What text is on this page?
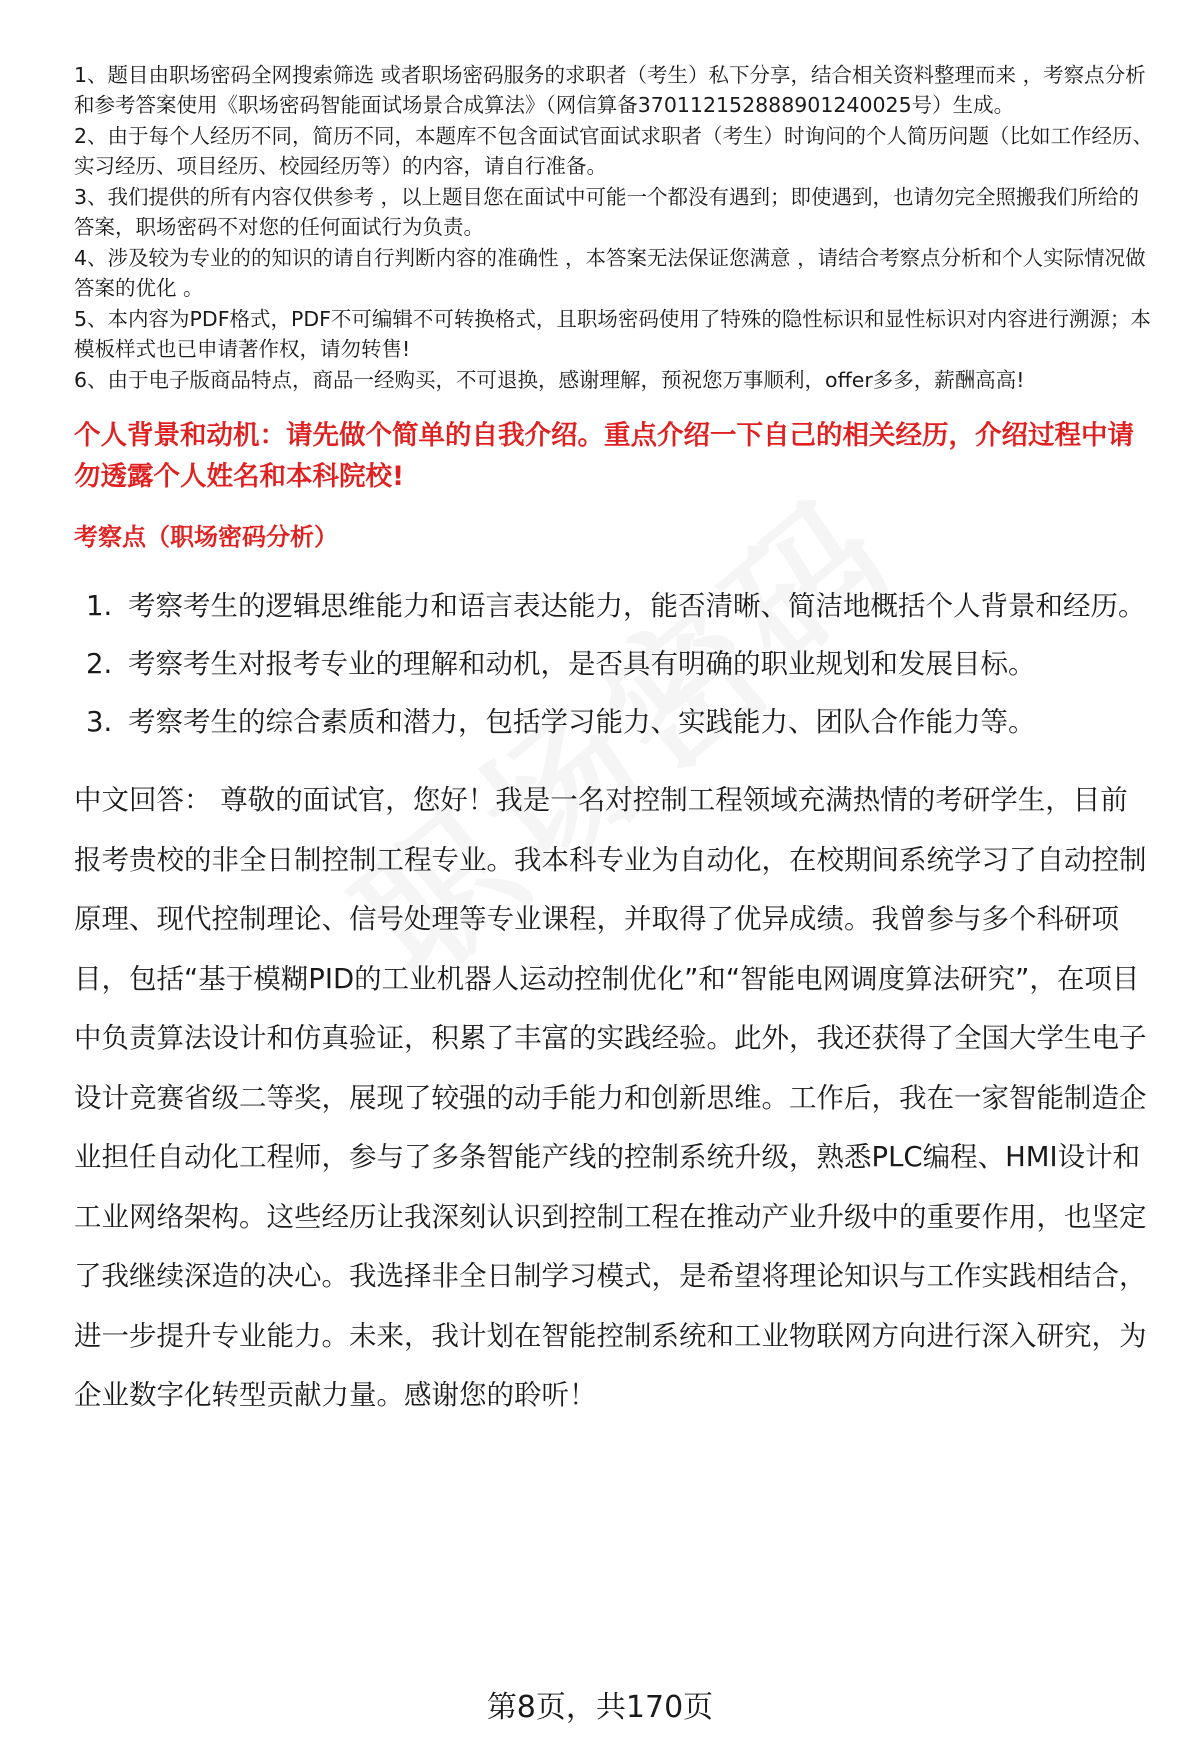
1、题目由职场密码全网搜索筛选 或者职场密码服务的求职者（考生）私下分享，结合相关资料整理而来 ，考察点分析和参考答案使用《职场密码智能面试场景合成算法》（网信算备370112152888901240025号）生成。
2、由于每个人经历不同，简历不同，本题库不包含面试官面试求职者（考生）时询问的个人简历问题（比如工作经历、实习经历、项目经历、校园经历等）的内容，请自行准备。
3、我们提供的所有内容仅供参考 ，以上题目您在面试中可能一个都没有遇到；即使遇到，也请勿完全照搬我们所给的答案，职场密码不对您的任何面试行为负责。
4、涉及较为专业的的知识的请自行判断内容的准确性 ，本答案无法保证您满意 ，请结合考察点分析和个人实际情况做答案的优化 。
5、本内容为PDF格式，PDF不可编辑不可转换格式，且职场密码使用了特殊的隐性标识和显性标识对内容进行溯源；本模板样式也已申请著作权，请勿转售!
6、由于电子版商品特点，商品一经购买，不可退换，感谢理解，预祝您万事顺利，offer多多，薪酬高高!
个人背景和动机：请先做个简单的自我介绍。重点介绍一下自己的相关经历，介绍过程中请勿透露个人姓名和本科院校!
考察点（职场密码分析）
1. 考察考生的逻辑思维能力和语言表达能力，能否清晰、简洁地概括个人背景和经历。
2. 考察考生对报考专业的理解和动机，是否具有明确的职业规划和发展目标。
3. 考察考生的综合素质和潜力，包括学习能力、实践能力、团队合作能力等。

中文回答： 尊敬的面试官，您好！我是一名对控制工程领域充满热情的考研学生，目前报考贵校的非全日制控制工程专业。我本科专业为自动化，在校期间系统学习了自动控制原理、现代控制理论、信号处理等专业课程，并取得了优异成绩。我曾参与多个科研项目，包括“基于模糊PID的工业机器人运动控制优化”和“智能电网调度算法研究”，在项目中负责算法设计和仿真验证，积累了丰富的实践经验。此外，我还获得了全国大学生电子设计竞赛省级二等奖，展现了较强的动手能力和创新思维。工作后，我在一家智能制造企业担任自动化工程师，参与了多条智能产线的控制系统升级，熟悉PLC编程、HMI设计和工业网络架构。这些经历让我深刻认识到控制工程在推动产业升级中的重要作用，也坚定了我继续深造的决心。我选择非全日制学习模式，是希望将理论知识与工作实践相结合，进一步提升专业能力。未来，我计划在智能控制系统和工业物联网方向进行深入研究，为企业数字化转型贡献力量。感谢您的聆听！

第8页，共170页
